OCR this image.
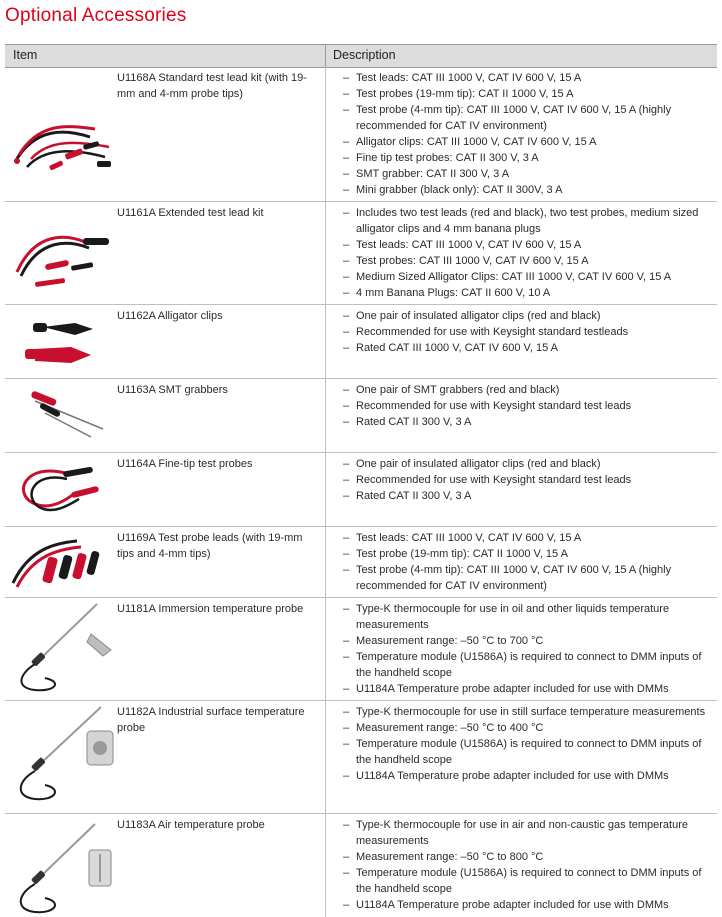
Optional Accessories
Item	Description
U1168A Standard test lead kit (with 19-mm and 4-mm probe tips)
– Test leads: CAT III 1000 V, CAT IV 600 V, 15 A
– Test probes (19-mm tip): CAT II 1000 V, 15 A
– Test probe (4-mm tip): CAT III 1000 V, CAT IV 600 V, 15 A (highly recommended for CAT IV environment)
– Alligator clips: CAT III 1000 V, CAT IV 600 V, 15 A
– Fine tip test probes: CAT II 300 V, 3 A
– SMT grabber: CAT II 300 V, 3 A
– Mini grabber (black only): CAT II 300V, 3 A
U1161A Extended test lead kit	– Includes two test leads (red and black), two test probes, medium sized alligator clips and 4 mm banana plugs
– Test leads: CAT III 1000 V, CAT IV 600 V, 15 A
– Test probes: CAT III 1000 V, CAT IV 600 V, 15 A
– Medium Sized Alligator Clips: CAT III 1000 V, CAT IV 600 V, 15 A
– 4 mm Banana Plugs: CAT II 600 V, 10 A
U1162A Alligator clips	– One pair of insulated alligator clips (red and black)
– Recommended for use with Keysight standard testleads
– Rated CAT III 1000 V, CAT IV 600 V, 15 A
U1163A SMT grabbers	– One pair of SMT grabbers (red and black)
– Recommended for use with Keysight standard test leads
– Rated CAT II 300 V, 3 A
U1164A Fine-tip test probes	– One pair of insulated alligator clips (red and black)
– Recommended for use with Keysight standard test leads
– Rated CAT II 300 V, 3 A
U1169A Test probe leads (with 19-mm tips and 4-mm tips)
– Test leads: CAT III 1000 V, CAT IV 600 V, 15 A
– Test probe (19-mm tip): CAT II 1000 V, 15 A
– Test probe (4-mm tip): CAT III 1000 V, CAT IV 600 V, 15 A (highly recommended for CAT IV environment)
U1181A Immersion temperature probe	– Type-K thermocouple for use in oil and other liquids temperature measurements
– Measurement range: –50 °C to 700 °C
– Temperature module (U1586A) is required to connect to DMM inputs of the handheld scope
– U1184A Temperature probe adapter included for use with DMMs
U1182A Industrial surface temperature probe
– Type-K thermocouple for use in still surface temperature measurements
– Measurement range: –50 °C to 400 °C
– Temperature module (U1586A) is required to connect to DMM inputs of the handheld scope
– U1184A Temperature probe adapter included for use with DMMs
U1183A Air temperature probe	– Type-K thermocouple for use in air and non-caustic gas temperature measurements
– Measurement range: –50 °C to 800 °C
– Temperature module (U1586A) is required to connect to DMM inputs of the handheld scope
– U1184A Temperature probe adapter included for use with DMMs
